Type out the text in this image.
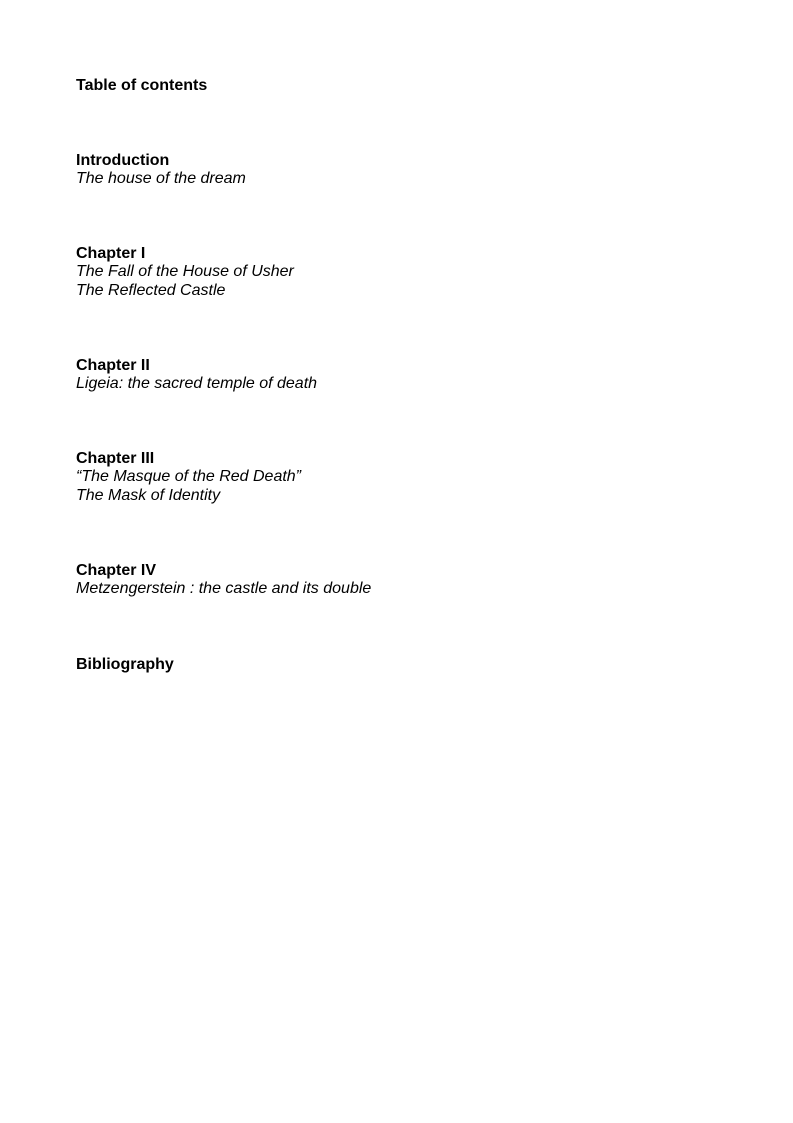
Table of contents

Introduction

The house of the dream

Chapter I

The Fall of the House of Usher

The Reflected Castle

Chapter II

Ligeia: the sacred temple of death

Chapter III

“The Masque of the Red Death”

The Mask of Identity

Chapter IV

Metzengerstein : the castle and its double

Bibliography
